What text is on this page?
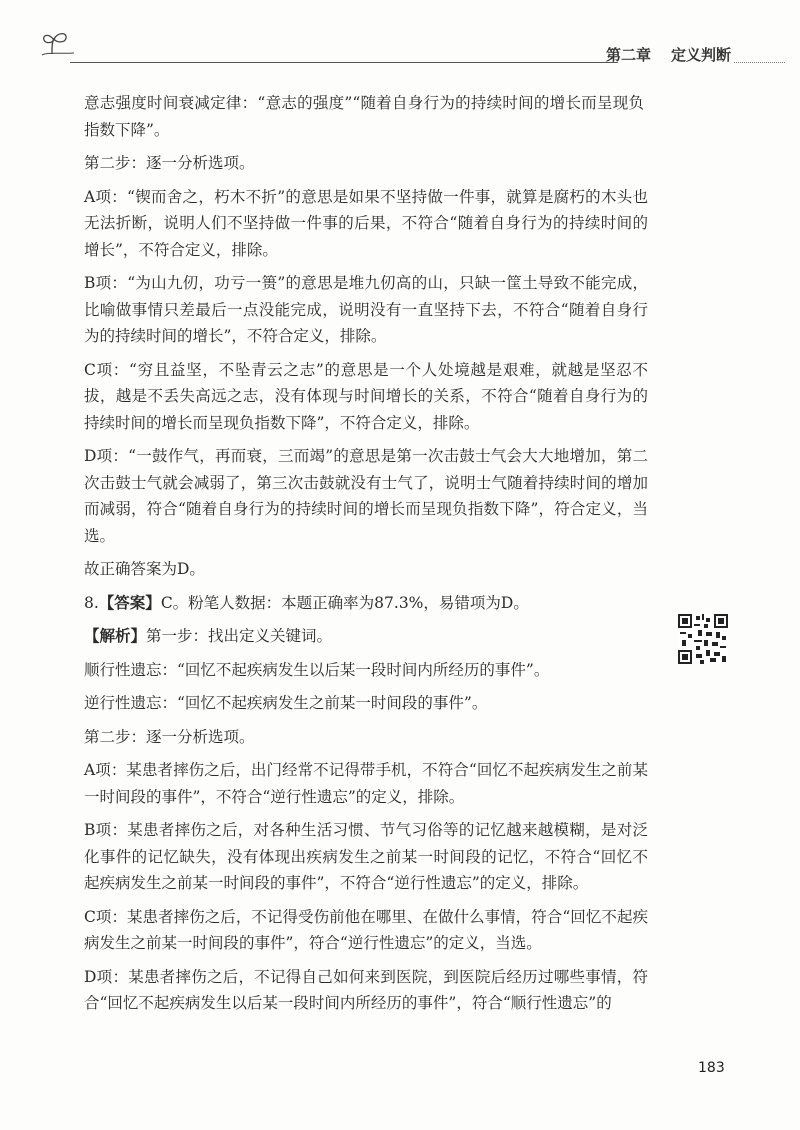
第二章 定义判断

意志强度时间衰减定律：“意志的强度”“随着自身行为的持续时间的增长而呈现负指数下降”。

第二步：逐一分析选项。

A项：“锲而舍之，朽木不折”的意思是如果不坚持做一件事，就算是腐朽的木头也无法折断，说明人们不坚持做一件事的后果，不符合“随着自身行为的持续时间的增长”，不符合定义，排除。

B项：“为山九仞，功亏一篑”的意思是堆九仞高的山，只缺一筐土导致不能完成，比喻做事情只差最后一点没能完成，说明没有一直坚持下去，不符合“随着自身行为的持续时间的增长”，不符合定义，排除。

C项：“穷且益坚，不坠青云之志”的意思是一个人处境越是艰难，就越是坚忍不拔，越是不丢失高远之志，没有体现与时间增长的关系，不符合“随着自身行为的持续时间的增长而呈现负指数下降”，不符合定义，排除。

D项：“一鼓作气，再而衰，三而竭”的意思是第一次击鼓士气会大大地增加，第二次击鼓士气就会减弱了，第三次击鼓就没有士气了，说明士气随着持续时间的增加而减弱，符合“随着自身行为的持续时间的增长而呈现负指数下降”，符合定义，当选。

故正确答案为D。

8.【答案】C。粉笔人数据：本题正确率为87.3%，易错项为D。

【解析】第一步：找出定义关键词。

顺行性遗忘：“回忆不起疾病发生以后某一段时间内所经历的事件”。

逆行性遗忘：“回忆不起疾病发生之前某一时间段的事件”。

第二步：逐一分析选项。

A项：某患者摔伤之后，出门经常不记得带手机，不符合“回忆不起疾病发生之前某一时间段的事件”，不符合“逆行性遗忘”的定义，排除。

B项：某患者摔伤之后，对各种生活习惯、节气习俗等的记忆越来越模糊，是对泛化事件的记忆缺失，没有体现出疾病发生之前某一时间段的记忆，不符合“回忆不起疾病发生之前某一时间段的事件”，不符合“逆行性遗忘”的定义，排除。

C项：某患者摔伤之后，不记得受伤前他在哪里、在做什么事情，符合“回忆不起疾病发生之前某一时间段的事件”，符合“逆行性遗忘”的定义，当选。

D项：某患者摔伤之后，不记得自己如何来到医院，到医院后经历过哪些事情，符合“回忆不起疾病发生以后某一段时间内所经历的事件”，符合“顺行性遗忘”的

183
